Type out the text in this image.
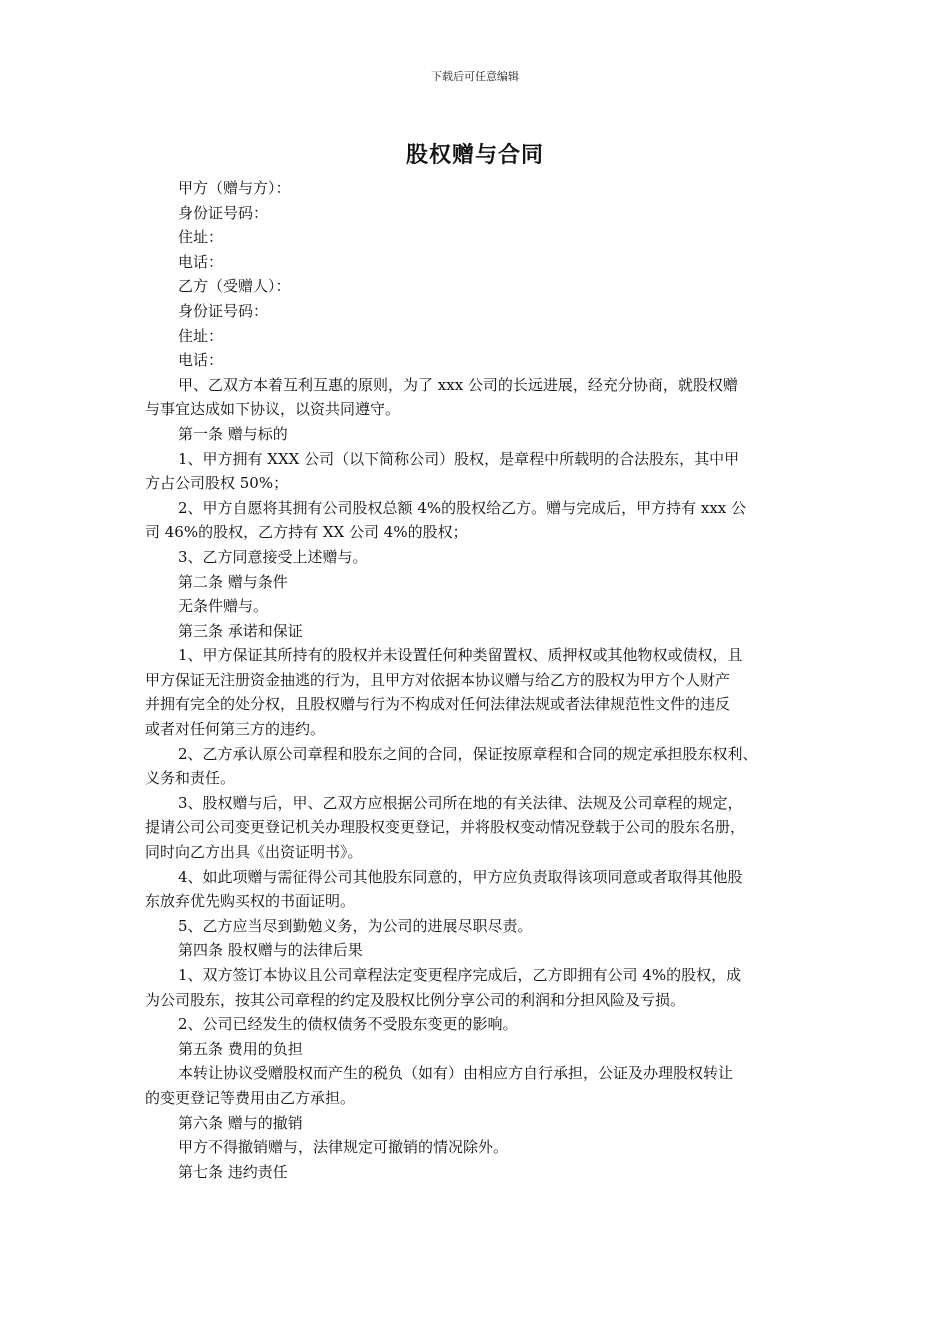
下载后可任意编辑
股权赠与合同
甲方（赠与方）：
身份证号码：
住址：
电话：
乙方（受赠人）：
身份证号码：
住址：
电话：
甲、乙双方本着互利互惠的原则，为了 xxx 公司的长远进展，经充分协商，就股权赠
与事宜达成如下协议，以资共同遵守。
第一条 赠与标的
1、甲方拥有 XXX 公司（以下简称公司）股权，是章程中所载明的合法股东，其中甲
方占公司股权 50%；
2、甲方自愿将其拥有公司股权总额 4%的股权给乙方。赠与完成后，甲方持有 xxx 公
司 46%的股权，乙方持有 XX 公司 4%的股权；
3、乙方同意接受上述赠与。
第二条 赠与条件
无条件赠与。
第三条 承诺和保证
1、甲方保证其所持有的股权并未设置任何种类留置权、质押权或其他物权或债权，且
甲方保证无注册资金抽逃的行为，且甲方对依据本协议赠与给乙方的股权为甲方个人财产
并拥有完全的处分权，且股权赠与行为不构成对任何法律法规或者法律规范性文件的违反
或者对任何第三方的违约。
2、乙方承认原公司章程和股东之间的合同，保证按原章程和合同的规定承担股东权利、
义务和责任。
3、股权赠与后，甲、乙双方应根据公司所在地的有关法律、法规及公司章程的规定，
提请公司公司变更登记机关办理股权变更登记，并将股权变动情况登载于公司的股东名册，
同时向乙方出具《出资证明书》。
4、如此项赠与需征得公司其他股东同意的，甲方应负责取得该项同意或者取得其他股
东放弃优先购买权的书面证明。
5、乙方应当尽到勤勉义务，为公司的进展尽职尽责。
第四条 股权赠与的法律后果
1、双方签订本协议且公司章程法定变更程序完成后，乙方即拥有公司 4%的股权，成
为公司股东，按其公司章程的约定及股权比例分享公司的利润和分担风险及亏损。
2、公司已经发生的债权债务不受股东变更的影响。
第五条 费用的负担
本转让协议受赠股权而产生的税负（如有）由相应方自行承担，公证及办理股权转让
的变更登记等费用由乙方承担。
第六条 赠与的撤销
甲方不得撤销赠与，法律规定可撤销的情况除外。
第七条 违约责任
